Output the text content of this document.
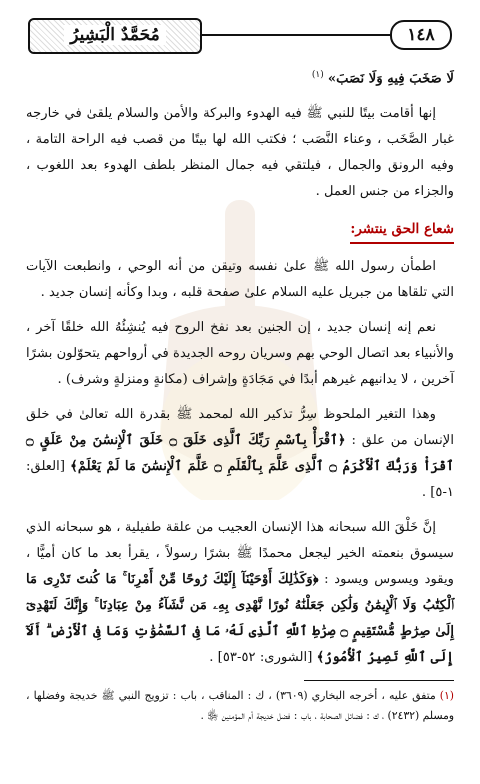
١٤٨
مُحَمَّدٌ الْبَشِيرُ

لَا صَخَبَ فِيهِ وَلَا نَصَبَ» $^{(١)}$

إنها أقامت بيتًا للنبي ﷺ فيه الهدوء والبركة والأمن والسلام يلقىٰ في خارجه غبار الصَّخَب ، وعناء النَّصَب ؛ فكتب الله لها بيتًا من قصب فيه الراحة التامة ، وفيه الرونق والجمال ، فيلتقي فيه جمال المنظر بلطف الهدوء بعد اللغوب ، والجزاء من جنس العمل .

شعاع الحق ينتشر:

اطمأن رسول الله ﷺ علىٰ نفسه وتيقن من أنه الوحي ، وانطبعت الآيات التي تلقاها من جبريل عليه السلام علىٰ صفحة قلبه ، وبدا وكأنه إنسان جديد .

نعم إنه إنسان جديد ، إن الجنين بعد نفخ الروح فيه يُنشِئُهُ الله خلقًا آخر ، والأنبياء بعد اتصال الوحي بهم وسريان روحه الجديدة في أرواحهم يتحوّلون بشرًا آخرين ، لا يدانيهم غيرهم أبدًا في مَجَادَةٍ وإشراف (مكانةٍ ومنزلةٍ وشرف) .

وهذا التغير الملحوظ سِرُّ تذكير الله لمحمد ﷺ بقدرة الله تعالىٰ في خلق الإنسان من علق : ﴿ٱقْرَأْ بِٱسْمِ رَبِّكَ ٱلَّذِى خَلَقَ ۝ خَلَقَ ٱلْإِنسَٰنَ مِنْ عَلَقٍ ۝ ٱقْرَأْ وَرَبُّكَ ٱلْأَكْرَمُ ۝ ٱلَّذِى عَلَّمَ بِٱلْقَلَمِ ۝ عَلَّمَ ٱلْإِنسَٰنَ مَا لَمْ يَعْلَمْ﴾ [العلق: ١-٥] .

إنَّ خَلْقَ الله سبحانه هذا الإنسان العجيب من علقة طفيلية ، هو سبحانه الذي سيسوق بنعمته الخير ليجعل محمدًا ﷺ بشرًا رسولاً ، يقرأ بعد ما كان أميًّا ، ويقود ويسوس ويسود : ﴿وَكَذَٰلِكَ أَوْحَيْنَآ إِلَيْكَ رُوحًا مِّنْ أَمْرِنَا ۚ مَا كُنتَ تَدْرِى مَا ٱلْكِتَٰبُ وَلَا ٱلْإِيمَٰنُ وَلَٰكِن جَعَلْنَٰهُ نُورًا نَّهْدِى بِهِۦ مَن نَّشَآءُ مِنْ عِبَادِنَا ۚ وَإِنَّكَ لَتَهْدِىٓ إِلَىٰ صِرَٰطٍ مُّسْتَقِيمٍ ۝ صِرَٰطِ ٱللَّهِ ٱلَّذِى لَهُۥ مَا فِى ٱلسَّمَٰوَٰتِ وَمَا فِى ٱلْأَرْضِ ۗ أَلَآ إِلَى ٱللَّهِ تَصِيرُ ٱلْأُمُورُ﴾ [الشورى: ٥٢-٥٣] .

(١) متفق عليه ، أخرجه البخاري (٣٦٠٩) ، ك : المناقب ، باب : تزويج النبي ﷺ خديجة وفضلها ، ومسلم (٢٤٣٢) ، ك : فضائل الصحابة ، باب : فضل خديجة أم المؤمنين ﵂ .
